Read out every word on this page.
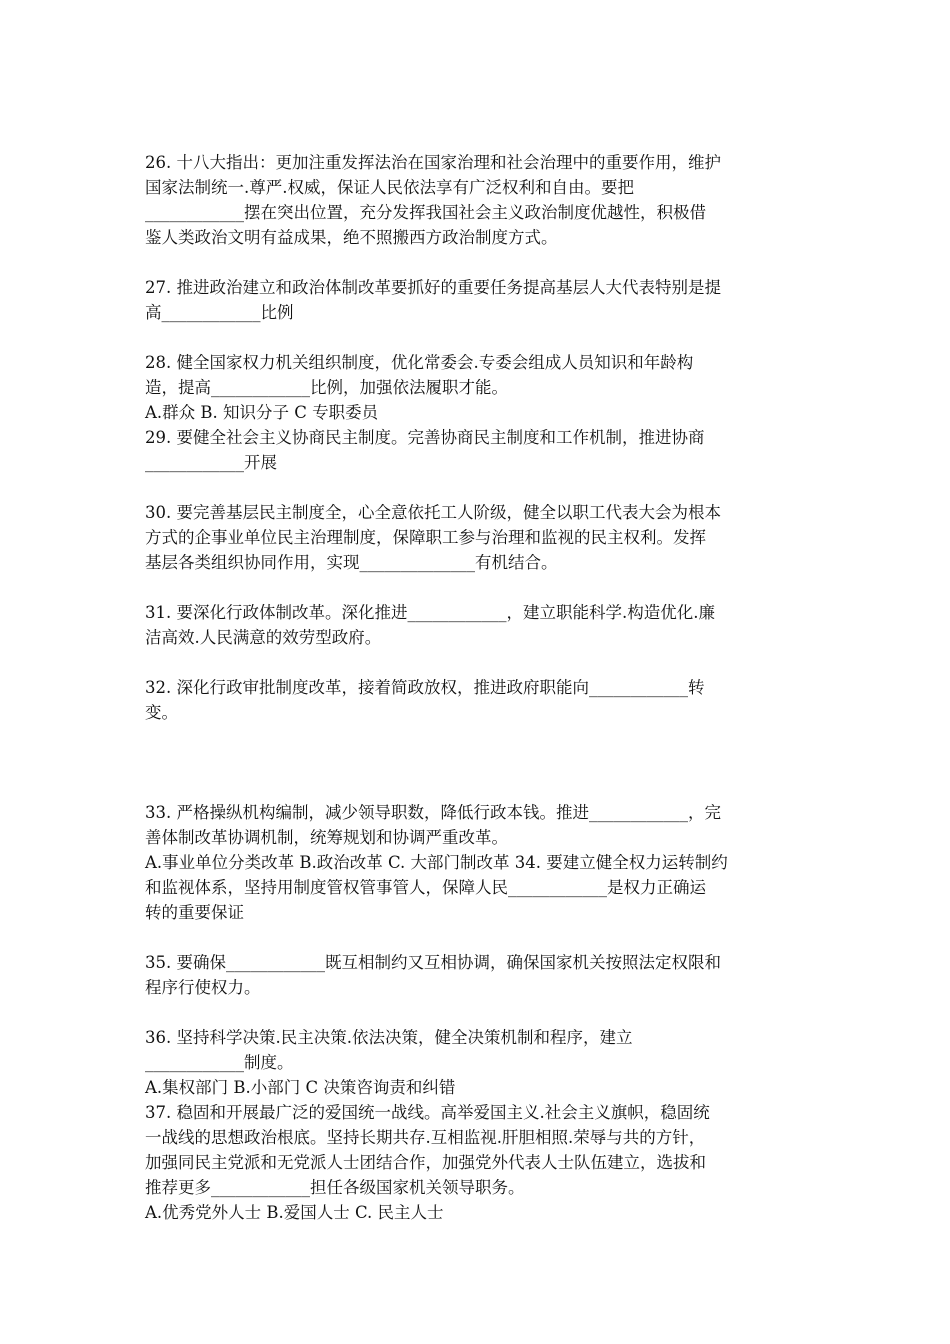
26. 十八大指出：更加注重发挥法治在国家治理和社会治理中的重要作用，维护
国家法制统一.尊严.权威，保证人民依法享有广泛权利和自由。要把
____________摆在突出位置，充分发挥我国社会主义政治制度优越性，积极借
鉴人类政治文明有益成果，绝不照搬西方政治制度方式。
27. 推进政治建立和政治体制改革要抓好的重要任务提高基层人大代表特别是提
高____________比例
28. 健全国家权力机关组织制度，优化常委会.专委会组成人员知识和年龄构
造，提高____________比例，加强依法履职才能。
A.群众 B. 知识分子 C 专职委员
29. 要健全社会主义协商民主制度。完善协商民主制度和工作机制，推进协商
____________开展
30. 要完善基层民主制度全，心全意依托工人阶级，健全以职工代表大会为根本
方式的企事业单位民主治理制度，保障职工参与治理和监视的民主权利。发挥
基层各类组织协同作用，实现______________有机结合。
31. 要深化行政体制改革。深化推进____________，建立职能科学.构造优化.廉
洁高效.人民满意的效劳型政府。
32. 深化行政审批制度改革，接着简政放权，推进政府职能向____________转
变。
33. 严格操纵机构编制，减少领导职数，降低行政本钱。推进____________，完
善体制改革协调机制，统筹规划和协调严重改革。
A.事业单位分类改革 B.政治改革 C. 大部门制改革 34. 要建立健全权力运转制约
和监视体系，坚持用制度管权管事管人，保障人民____________是权力正确运
转的重要保证
35. 要确保____________既互相制约又互相协调，确保国家机关按照法定权限和
程序行使权力。
36. 坚持科学决策.民主决策.依法决策，健全决策机制和程序，建立
____________制度。
A.集权部门 B.小部门 C 决策咨询责和纠错
37. 稳固和开展最广泛的爱国统一战线。高举爱国主义.社会主义旗帜，稳固统
一战线的思想政治根底。坚持长期共存.互相监视.肝胆相照.荣辱与共的方针，
加强同民主党派和无党派人士团结合作，加强党外代表人士队伍建立，选拔和
推荐更多____________担任各级国家机关领导职务。
A.优秀党外人士 B.爱国人士 C. 民主人士
